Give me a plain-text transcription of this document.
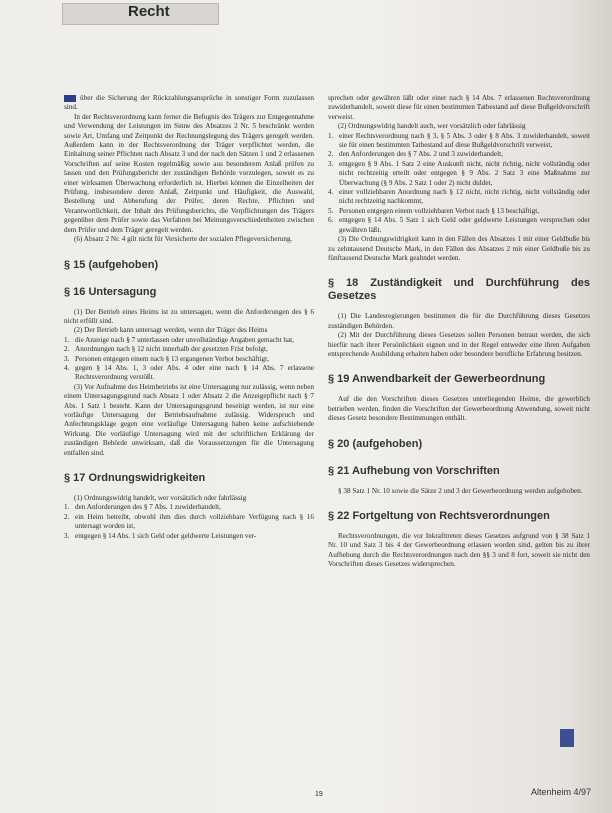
Recht

über die Sicherung der Rückzahlungsansprüche in sonstiger Form zuzulassen sind.

In der Rechtsverordnung kann ferner die Befugnis des Trägers zur Entgegennahme und Verwendung der Leistungen im Sinne des Absatzes 2 Nr. 5 beschränkt werden sowie Art, Umfang und Zeitpunkt der Rechnungslegung des Trägers geregelt werden. Außerdem kann in der Rechtsverordnung der Träger verpflichtet werden, die Einhaltung seiner Pflichten nach Absatz 3 und der nach den Sätzen 1 und 2 erlassenen Vorschriften auf seine Kosten regelmäßig sowie aus besonderem Anlaß prüfen zu lassen und den Prüfungsbericht der zuständigen Behörde vorzulegen, soweit es zu einer wirksamen Überwachung erforderlich ist. Hierbei können die Einzelheiten der Prüfung, insbesondere deren Anlaß, Zeitpunkt und Häufigkeit, die Auswahl, Bestellung und Abberufung der Prüfer, deren Rechte, Pflichten und Verantwortlichkeit, der Inhalt des Prüfungsberichts, die Verpflichtungen des Trägers gegenüber dem Prüfer sowie das Verfahren bei Meinungsverschiedenheiten zwischen dem Prüfer und dem Träger geregelt werden.

(6) Absatz 2 Nr. 4 gilt nicht für Versicherte der sozialen Pflegeversicherung.

§ 15 (aufgehoben)
§ 16 Untersagung

(1) Der Betrieb eines Heims ist zu untersagen, wenn die Anforderungen des § 6 nicht erfüllt sind.

(2) Der Betrieb kann untersagt werden, wenn der Träger des Heims

1. die Anzeige nach § 7 unterlassen oder unvollständige Angaben gemacht hat,
2. Anordnungen nach § 12 nicht innerhalb der gesetzten Frist befolgt,
3. Personen entgegen einem nach § 13 ergangenen Verbot beschäftigt,
4. gegen § 14 Abs. 1, 3 oder Abs. 4 oder eine nach § 14 Abs. 7 erlassene Rechtsverordnung verstößt.

(3) Vor Aufnahme des Heimbetriebs ist eine Untersagung nur zulässig, wenn neben einem Untersagungsgrund nach Absatz 1 oder Absatz 2 die Anzeigepflicht nach § 7 Abs. 1 Satz 1 besteht. Kann der Untersagungsgrund beseitigt werden, ist nur eine vorläufige Untersagung der Betriebsaufnahme zulässig. Widerspruch und Anfechtungsklage gegen eine vorläufige Untersagung haben keine aufschiebende Wirkung. Die vorläufige Untersagung wird mit der schriftlichen Erklärung der zuständigen Behörde unwirksam, daß die Voraussetzungen für die Untersagung entfallen sind.

§ 17 Ordnungswidrigkeiten

(1) Ordnungswidrig handelt, wer vorsätzlich oder fahrlässig

1. den Anforderungen des § 7 Abs. 1 zuwiderhandelt,
2. ein Heim betreibt, obwohl ihm dies durch vollziehbare Verfügung nach § 16 untersagt worden ist,
3. entgegen § 14 Abs. 1 sich Geld oder geldwerte Leistungen ver-

sprechen oder gewähren läßt oder einer nach § 14 Abs. 7 erlassenen Rechtsverordnung zuwiderhandelt, soweit diese für einen bestimmten Tatbestand auf diese Bußgeldvorschrift verweist.

(2) Ordnungswidrig handelt auch, wer vorsätzlich oder fahrlässig

1. einer Rechtsverordnung nach § 3, § 5 Abs. 3 oder § 8 Abs. 3 zuwiderhandelt, soweit sie für einen bestimmten Tatbestand auf diese Bußgeldvorschrift verweist,
2. den Anforderungen des § 7 Abs. 2 und 3 zuwiderhandelt,
3. entgegen § 9 Abs. 1 Satz 2 eine Auskunft nicht, nicht richtig, nicht vollständig oder nicht rechtzeitig erteilt oder entgegen § 9 Abs. 2 Satz 3 eine Maßnahme zur Überwachung (§ 9 Abs. 2 Satz 1 oder 2) nicht duldet,
4. einer vollziehbaren Anordnung nach § 12 nicht, nicht richtig, nicht vollständig oder nicht rechtzeitig nachkommt,
5. Personen entgegen einem vollziehbaren Verbot nach § 13 beschäftigt,
6. entgegen § 14 Abs. 5 Satz 1 sich Geld oder geldwerte Leistungen versprechen oder gewähren läßt.

(3) Die Ordnungswidrigkeit kann in den Fällen des Absatzes 1 mit einer Geldbuße bis zu zehntausend Deutsche Mark, in den Fällen des Absatzes 2 mit einer Geldbuße bis zu fünftausend Deutsche Mark geahndet werden.

§ 18 Zuständigkeit und Durchführung des Gesetzes

(1) Die Landesregierungen bestimmen die für die Durchführung dieses Gesetzes zuständigen Behörden.

(2) Mit der Durchführung dieses Gesetzes sollen Personen betraut werden, die sich hierfür nach ihrer Persönlichkeit eignen und in der Regel entweder eine ihren Aufgaben entsprechende Ausbildung erhalten haben oder besondere berufliche Erfahrung besitzen.

§ 19 Anwendbarkeit der Gewerbeordnung

Auf die den Vorschriften dieses Gesetzes unterliegenden Heime, die gewerblich betrieben werden, finden die Vorschriften der Gewerbeordnung Anwendung, soweit nicht dieses Gesetz besondere Bestimmungen enthält.

§ 20 (aufgehoben)
§ 21 Aufhebung von Vorschriften

§ 38 Satz 1 Nr. 10 sowie die Sätze 2 und 3 der Gewerbeordnung werden aufgehoben.

§ 22 Fortgeltung von Rechtsverordnungen

Rechtsverordnungen, die vor Inkrafttreten dieses Gesetzes aufgrund von § 38 Satz 1 Nr. 10 und Satz 3 bis 4 der Gewerbeordnung erlassen worden sind, gelten bis zu ihrer Aufhebung durch die Rechtsverordnungen nach den §§ 3 und 8 fort, soweit sie nicht den Vorschriften dieses Gesetzes widersprechen.

19	Altenheim 4/97
